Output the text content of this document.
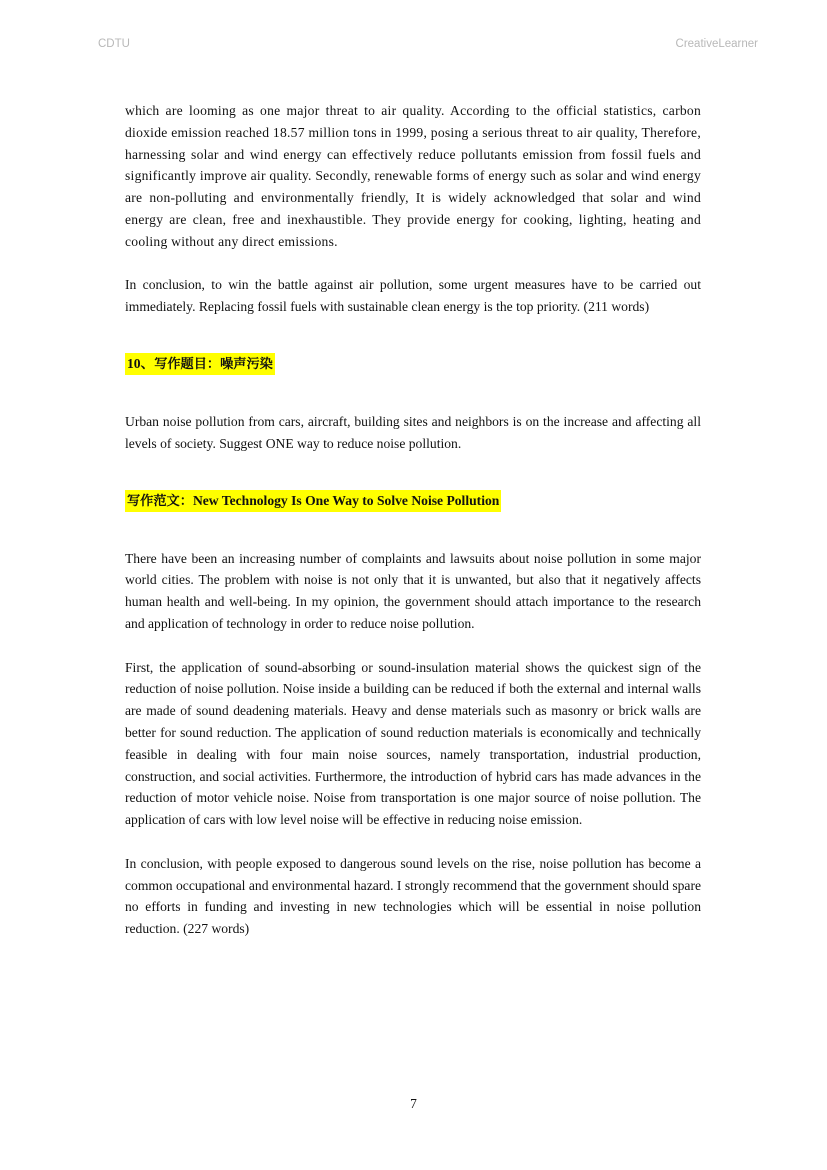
CDTU	CreativeLearner

which are looming as one major threat to air quality. According to the official statistics, carbon dioxide emission reached 18.57 million tons in 1999, posing a serious threat to air quality, Therefore, harnessing solar and wind energy can effectively reduce pollutants emission from fossil fuels and significantly improve air quality. Secondly, renewable forms of energy such as solar and wind energy are non-polluting and environmentally friendly, It is widely acknowledged that solar and wind energy are clean, free and inexhaustible. They provide energy for cooking, lighting, heating and cooling without any direct emissions.

In conclusion, to win the battle against air pollution, some urgent measures have to be carried out immediately. Replacing fossil fuels with sustainable clean energy is the top priority. (211 words)

10、写作题目：噪声污染

Urban noise pollution from cars, aircraft, building sites and neighbors is on the increase and affecting all levels of society. Suggest ONE way to reduce noise pollution.

写作范文：New Technology Is One Way to Solve Noise Pollution

There have been an increasing number of complaints and lawsuits about noise pollution in some major world cities. The problem with noise is not only that it is unwanted, but also that it negatively affects human health and well-being. In my opinion, the government should attach importance to the research and application of technology in order to reduce noise pollution.

First, the application of sound-absorbing or sound-insulation material shows the quickest sign of the reduction of noise pollution. Noise inside a building can be reduced if both the external and internal walls are made of sound deadening materials. Heavy and dense materials such as masonry or brick walls are better for sound reduction. The application of sound reduction materials is economically and technically feasible in dealing with four main noise sources, namely transportation, industrial production, construction, and social activities. Furthermore, the introduction of hybrid cars has made advances in the reduction of motor vehicle noise. Noise from transportation is one major source of noise pollution. The application of cars with low level noise will be effective in reducing noise emission.

In conclusion, with people exposed to dangerous sound levels on the rise, noise pollution has become a common occupational and environmental hazard. I strongly recommend that the government should spare no efforts in funding and investing in new technologies which will be essential in noise pollution reduction. (227 words)

7
